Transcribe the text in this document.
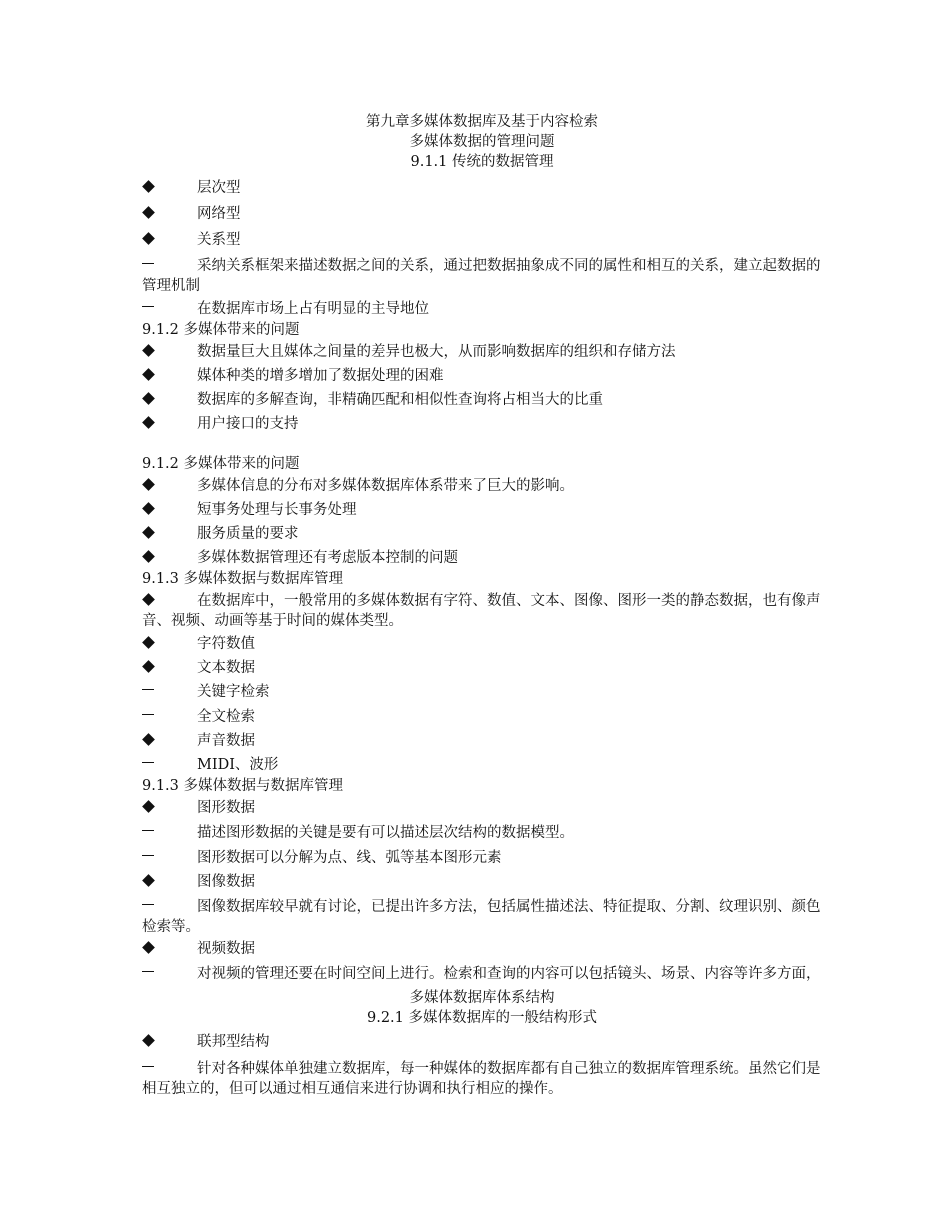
第九章多媒体数据库及基于内容检索
多媒体数据的管理问题
9.1.1 传统的数据管理
层次型
网络型
关系型
采纳关系框架来描述数据之间的关系，通过把数据抽象成不同的属性和相互的关系，建立起数据的管理机制
在数据库市场上占有明显的主导地位
9.1.2 多媒体带来的问题
数据量巨大且媒体之间量的差异也极大，从而影响数据库的组织和存储方法
媒体种类的增多增加了数据处理的困难
数据库的多解查询，非精确匹配和相似性查询将占相当大的比重
用户接口的支持
9.1.2 多媒体带来的问题
多媒体信息的分布对多媒体数据库体系带来了巨大的影响。
短事务处理与长事务处理
服务质量的要求
多媒体数据管理还有考虑版本控制的问题
9.1.3 多媒体数据与数据库管理
在数据库中，一般常用的多媒体数据有字符、数值、文本、图像、图形一类的静态数据，也有像声音、视频、动画等基于时间的媒体类型。
字符数值
文本数据
关键字检索
全文检索
声音数据
MIDI、波形
9.1.3 多媒体数据与数据库管理
图形数据
描述图形数据的关键是要有可以描述层次结构的数据模型。
图形数据可以分解为点、线、弧等基本图形元素
图像数据
图像数据库较早就有讨论，已提出许多方法，包括属性描述法、特征提取、分割、纹理识别、颜色检索等。
视频数据
对视频的管理还要在时间空间上进行。检索和查询的内容可以包括镜头、场景、内容等许多方面，
多媒体数据库体系结构
9.2.1 多媒体数据库的一般结构形式
联邦型结构
针对各种媒体单独建立数据库，每一种媒体的数据库都有自己独立的数据库管理系统。虽然它们是相互独立的，但可以通过相互通信来进行协调和执行相应的操作。
